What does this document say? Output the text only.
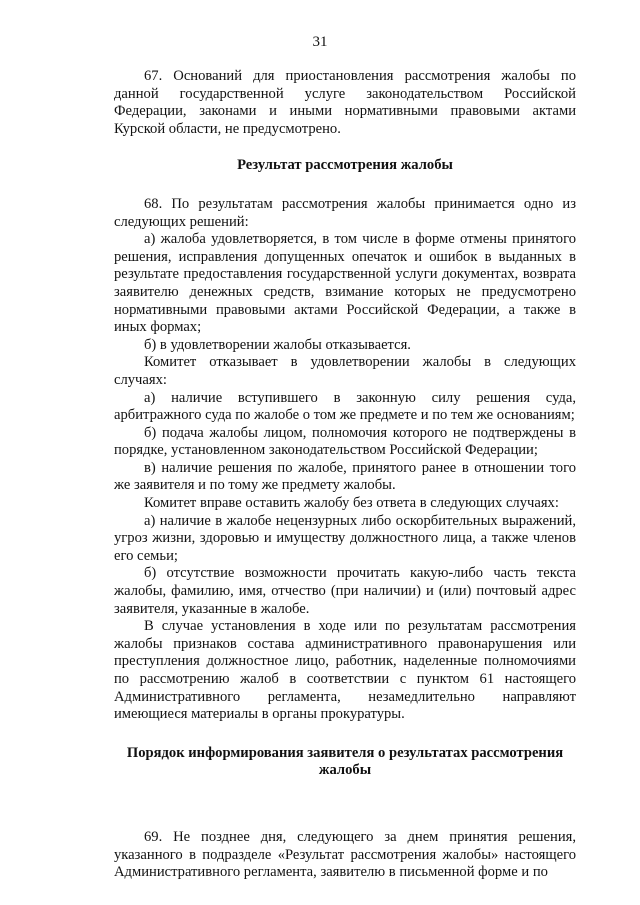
31

67. Оснований для приостановления рассмотрения жалобы по данной государственной услуге законодательством Российской Федерации, законами и иными нормативными правовыми актами Курской области, не предусмотрено.

Результат рассмотрения жалобы

68. По результатам рассмотрения жалобы принимается одно из следующих решений:

а) жалоба удовлетворяется, в том числе в форме отмены принятого решения, исправления допущенных опечаток и ошибок в выданных в результате предоставления государственной услуги документах, возврата заявителю денежных средств, взимание которых не предусмотрено нормативными правовыми актами Российской Федерации, а также в иных формах;

б) в удовлетворении жалобы отказывается.

Комитет отказывает в удовлетворении жалобы в следующих случаях:

а) наличие вступившего в законную силу решения суда, арбитражного суда по жалобе о том же предмете и по тем же основаниям;

б) подача жалобы лицом, полномочия которого не подтверждены в порядке, установленном законодательством Российской Федерации;

в) наличие решения по жалобе, принятого ранее в отношении того же заявителя и по тому же предмету жалобы.

Комитет вправе оставить жалобу без ответа в следующих случаях:

а) наличие в жалобе нецензурных либо оскорбительных выражений, угроз жизни, здоровью и имуществу должностного лица, а также членов его семьи;

б) отсутствие возможности прочитать какую-либо часть текста жалобы, фамилию, имя, отчество (при наличии) и (или) почтовый адрес заявителя, указанные в жалобе.

В случае установления в ходе или по результатам рассмотрения жалобы признаков состава административного правонарушения или преступления должностное лицо, работник, наделенные полномочиями по рассмотрению жалоб в соответствии с пунктом 61 настоящего Административного регламента, незамедлительно направляют имеющиеся материалы в органы прокуратуры.

Порядок информирования заявителя о результатах рассмотрения жалобы

69. Не позднее дня, следующего за днем принятия решения, указанного в подразделе «Результат рассмотрения жалобы» настоящего Административного регламента, заявителю в письменной форме и по
